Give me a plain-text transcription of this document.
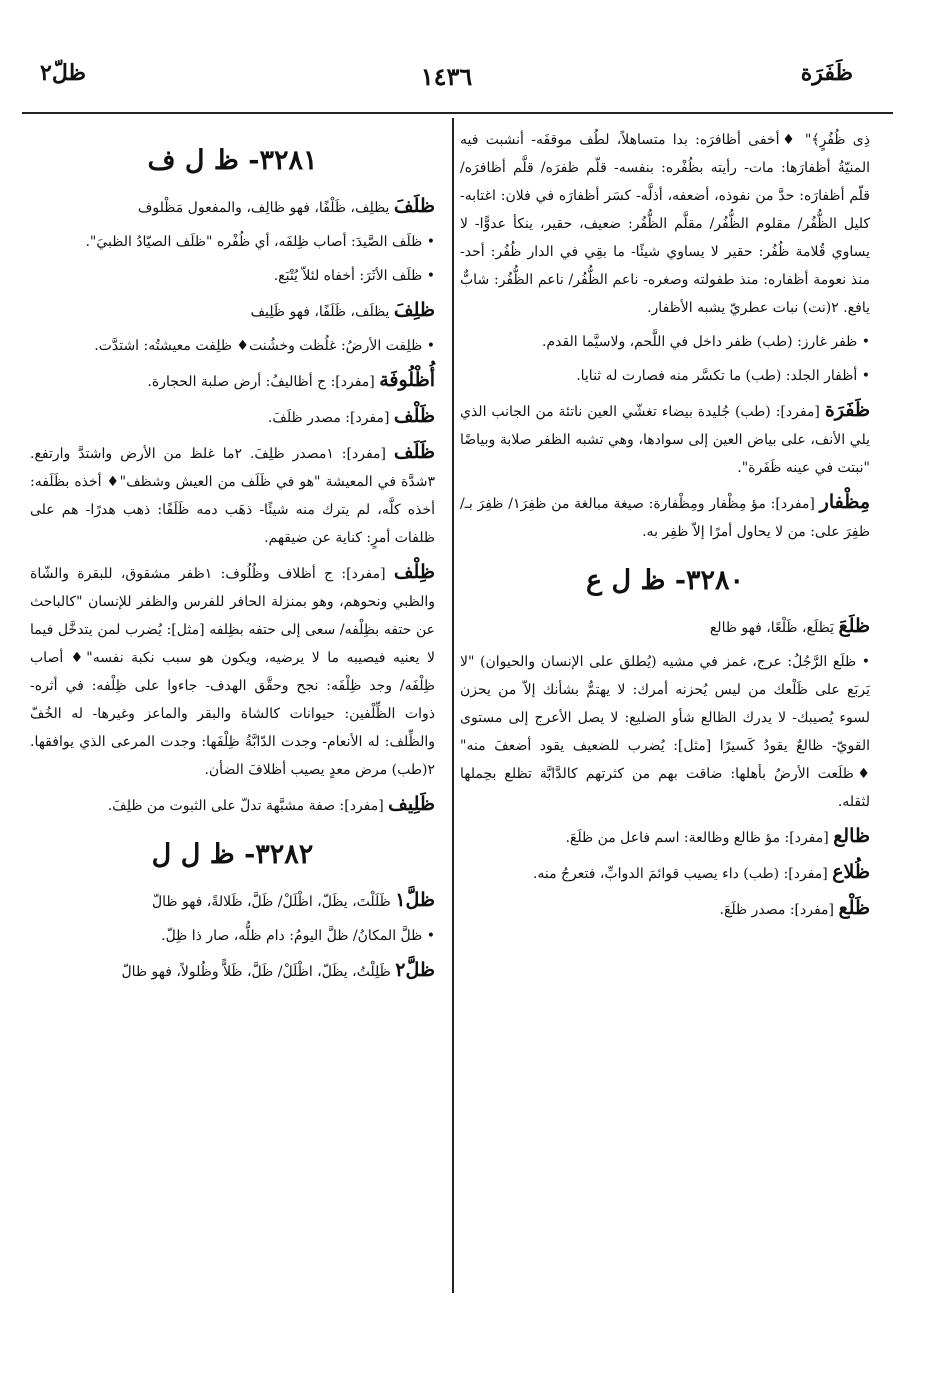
ظَفَرَة
١٤٣٦
ظلّ٢
ذِى ظُفُرٍ﴾" ♦أخفى أظافرَه: بدا متساهلاً، لطُف موقفَه- أنشبت فيه المنيّةُ أظفارَها: مات- رأيته بظُفْره: بنفسه- قلّم ظفرَه/ قلَّم أظافرَه/ قلّم أظفارَه: حدَّ من نفوذه، أضعفه، أذلَّه- كسَر أظفارَه في فلان: اغتابه- كليل الظُّفُر/ مقلوم الظُّفُر/ مقلَّم الظُّفُر: ضعيف، حقير، ينكأ عدوًّا- لا يساوي قُلامة ظُفُر: حقير لا يساوي شيئًا- ما بقِي في الدار ظُفُر: أحد- منذ نعومة أظفاره: منذ طفولته وصغره- ناعم الظُّفُر/ ناعم الظُّفُر: شابٌّ يافع. ٢(نت) نبات عطريّ يشبه الأظفار.
• ظفر غارز: (طب) ظفر داخل في اللَّحم، ولاسيَّما القدم.
• أظفار الجلد: (طب) ما تكسَّر منه فصارت له ثنايا.
ظَفَرَة [مفرد]: (طب) جُليدة بيضاء تغشّي العين ناتئة من الجانب الذي يلي الأنف، على بياض العين إلى سوادها، وهي تشبه الظفر صلابة وبياضًا "نبتت في عينه ظَفَرة".
مِظْفار [مفرد]: مؤ مِظْفار ومِظْفارة: صيغة مبالغة من ظفِرَ١/ ظفِرَ بـ/ ظفِرَ على: من لا يحاول أمرًا إلاّ ظفِر به.
٣٢٨٠- ظ ل ع
ظلَعَ يَظلَع، ظَلْعًا، فهو ظالع
• ظلَع الرَّجُلُ: عرج، غمز في مشيه (يُطلق على الإنسان والحيوان) "لا يَربَع على ظَلْعك من ليس يُحزنه أمرك: لا يهتمُّ بشأنك إلاّ من يحزن لسوء يُصيبك- لا يدرك الظالع شأو الضليع: لا يصل الأعرج إلى مستوى القويّ- ظالعٌ يقودُ كَسيرًا [مثل]: يُضرب للضعيف يقود أضعفَ منه" ♦ظلَعت الأرضُ بأهلها: ضاقت بهم من كثرتهم كالدَّابَّة تظلع بحِملها لثقله.
ظالع [مفرد]: مؤ ظالع وظالعة: اسم فاعل من ظلَعَ.
ظُلاع [مفرد]: (طب) داء يصيب قوائمَ الدوابِّ، فتعرجُ منه.
ظَلْع [مفرد]: مصدر ظلَعَ.
٣٢٨١- ظ ل ف
ظلَفَ يظلِف، ظَلْفًا، فهو ظالِف، والمفعول مَظْلوف
• ظلَف الصَّيدَ: أصاب ظِلفَه، أي ظُفْره "ظلَف الصيّادُ الظبيَ".
• ظلَف الأثَرَ: أخفاه لئلاّ يُتْبَع.
ظلِفَ يظلَف، ظَلَفًا، فهو ظَلِيف
• ظلِفت الأرضُ: غلُظت وخشُنت♦ ظلِفت معيشتُه: اشتدَّت.
أُظْلُوفَة [مفرد]: ج أظاليفُ: أرض صلبة الحجارة.
ظَلْف [مفرد]: مصدر ظلَفَ.
ظَلَف [مفرد]: ١مصدر ظلِفَ. ٢ما غلظ من الأرض واشتدَّ وارتفع. ٣شدَّة في المعيشة "هو في ظَلَف من العيش وشظف"♦ أخذه بظَلَفه: أخذه كلَّه، لم يترك منه شيئًا- ذهَب دمه ظَلَفًا: ذهب هدرًا- هم على ظلفات أمرٍ: كناية عن ضيقهم.
ظِلْف [مفرد]: ج أظلاف وظُلُوف: ١ظفر مشقوق، للبقرة والشّاة والظبي ونحوهم، وهو بمنزلة الحافر للفرس والظفر للإنسان "كالباحث عن حتفه بظِلْفه/ سعى إلى حتفه بظِلفه [مثل]: يُضرب لمن يتدخَّل فيما لا يعنيه فيصيبه ما لا يرضيه، ويكون هو سبب نكبة نفسه"♦ أصاب ظِلْفَه/ وجد ظِلْفَه: نجح وحقَّق الهدف- جاءوا على ظِلْفه: في أثره- ذوات الظِّلْفين: حيوانات كالشاة والبقر والماعز وغيرها- له الخُفّ والظِّلف: له الأنعام- وجدت الدّابَّةُ ظِلْفَها: وجدت المرعى الذي يوافقها. ٢(طب) مرض معدٍ يصيب أظلافَ الضأن.
ظَلِيف [مفرد]: صفة مشبَّهة تدلّ على الثبوت من ظلِفَ.
٣٢٨٢- ظ ل ل
ظلَّ١ ظَلَلْتَ، يظَلّ، اظْلَلْ/ ظَلَّ، ظَلالةً، فهو ظالّ
• ظلَّ المكانُ/ ظلَّ اليومُ: دام ظلُّه، صار ذا ظِلّ.
ظلَّ٢ ظَلِلْتُ، يظَلّ، اظْلَلْ/ ظَلَّ، ظَلاًّ وظُلولاً، فهو ظالّ
